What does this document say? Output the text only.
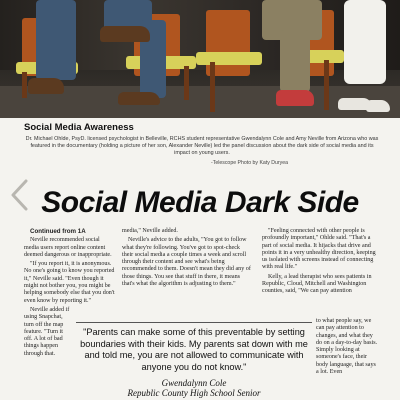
Social Media Awareness

Dr. Michael Ohlde, PsyD. licensed psychologist in Belleville, RCHS student representative Gwendalynn Cole and Amy Neville from Arizona who was featured in the documentary (holding a picture of her son, Alexander Neville) led the panel discussion about the dark side of social media and its impact on young users.

-Telescope Photo by Katy Duryea

Social Media Dark Side

Continued from 1A

Neville recommended social media users report online content deemed dangerous or inappropriate.

"If you report it, it is anonymous. No one's going to know you reported it," Neville said. "Even though it might not bother you, you might be helping somebody else that you don't even know by reporting it."

Neville added if using Snapchat, turn off the map feature. "Turn it off. A lot of bad things happen through that.

media," Neville added.

Neville's advice to the adults, "You got to follow what they're following. You've got to spot-check their social media a couple times a week and scroll through their content and see what's being recommended to them. Doesn't mean they did any of those things. You see that stuff in there, it means that's what the algorithm is adjusting to them."

"Feeling connected with other people is profoundly important," Ohlde said. "That's a part of social media. It hijacks that drive and points it in a very unhealthy direction, keeping us isolated with screens instead of connecting with real life."

Kelly, a lead therapist who sees patients in Republic, Cloud, Mitchell and Washington counties, said, "We can pay attention

to what people say, we can pay attention to changes, and what they do on a day-to-day basis. Simply looking at someone's face, their body language, that says a lot. Even

"Parents can make some of this preventable by setting boundaries with their kids. My parents sat down with me and told me, you are not allowed to communicate with anyone you do not know."

Gwendalynn Cole

Republic County High School Senior
